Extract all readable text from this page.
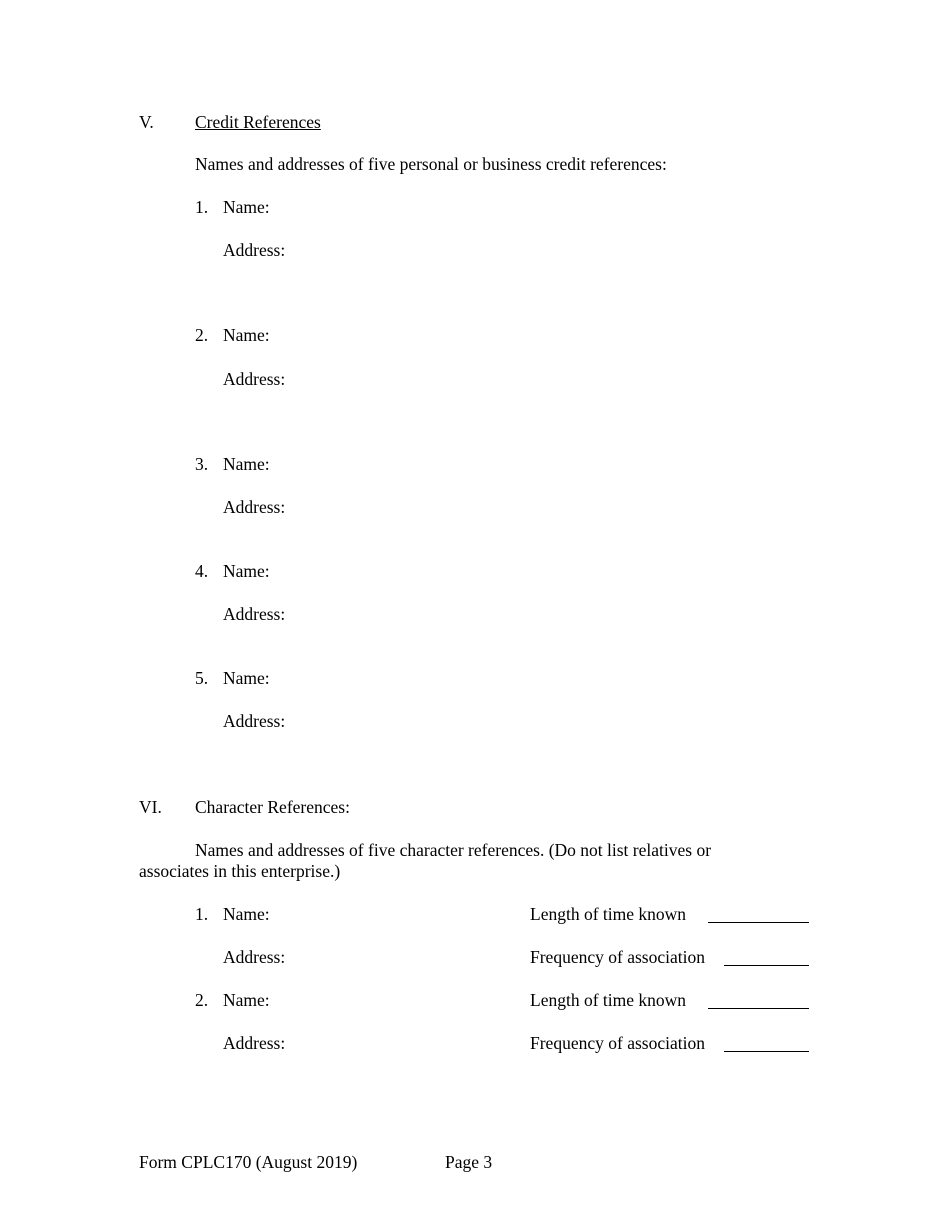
V. Credit References
Names and addresses of five personal or business credit references:
1. Name:
Address:
2. Name:
Address:
3. Name:
Address:
4. Name:
Address:
5. Name:
Address:
VI. Character References:
Names and addresses of five character references. (Do not list relatives or
associates in this enterprise.)
1. Name:	Length of time known
Address:	Frequency of association
2. Name:	Length of time known
Address:	Frequency of association
Form CPLC170 (August 2019)	Page 3
